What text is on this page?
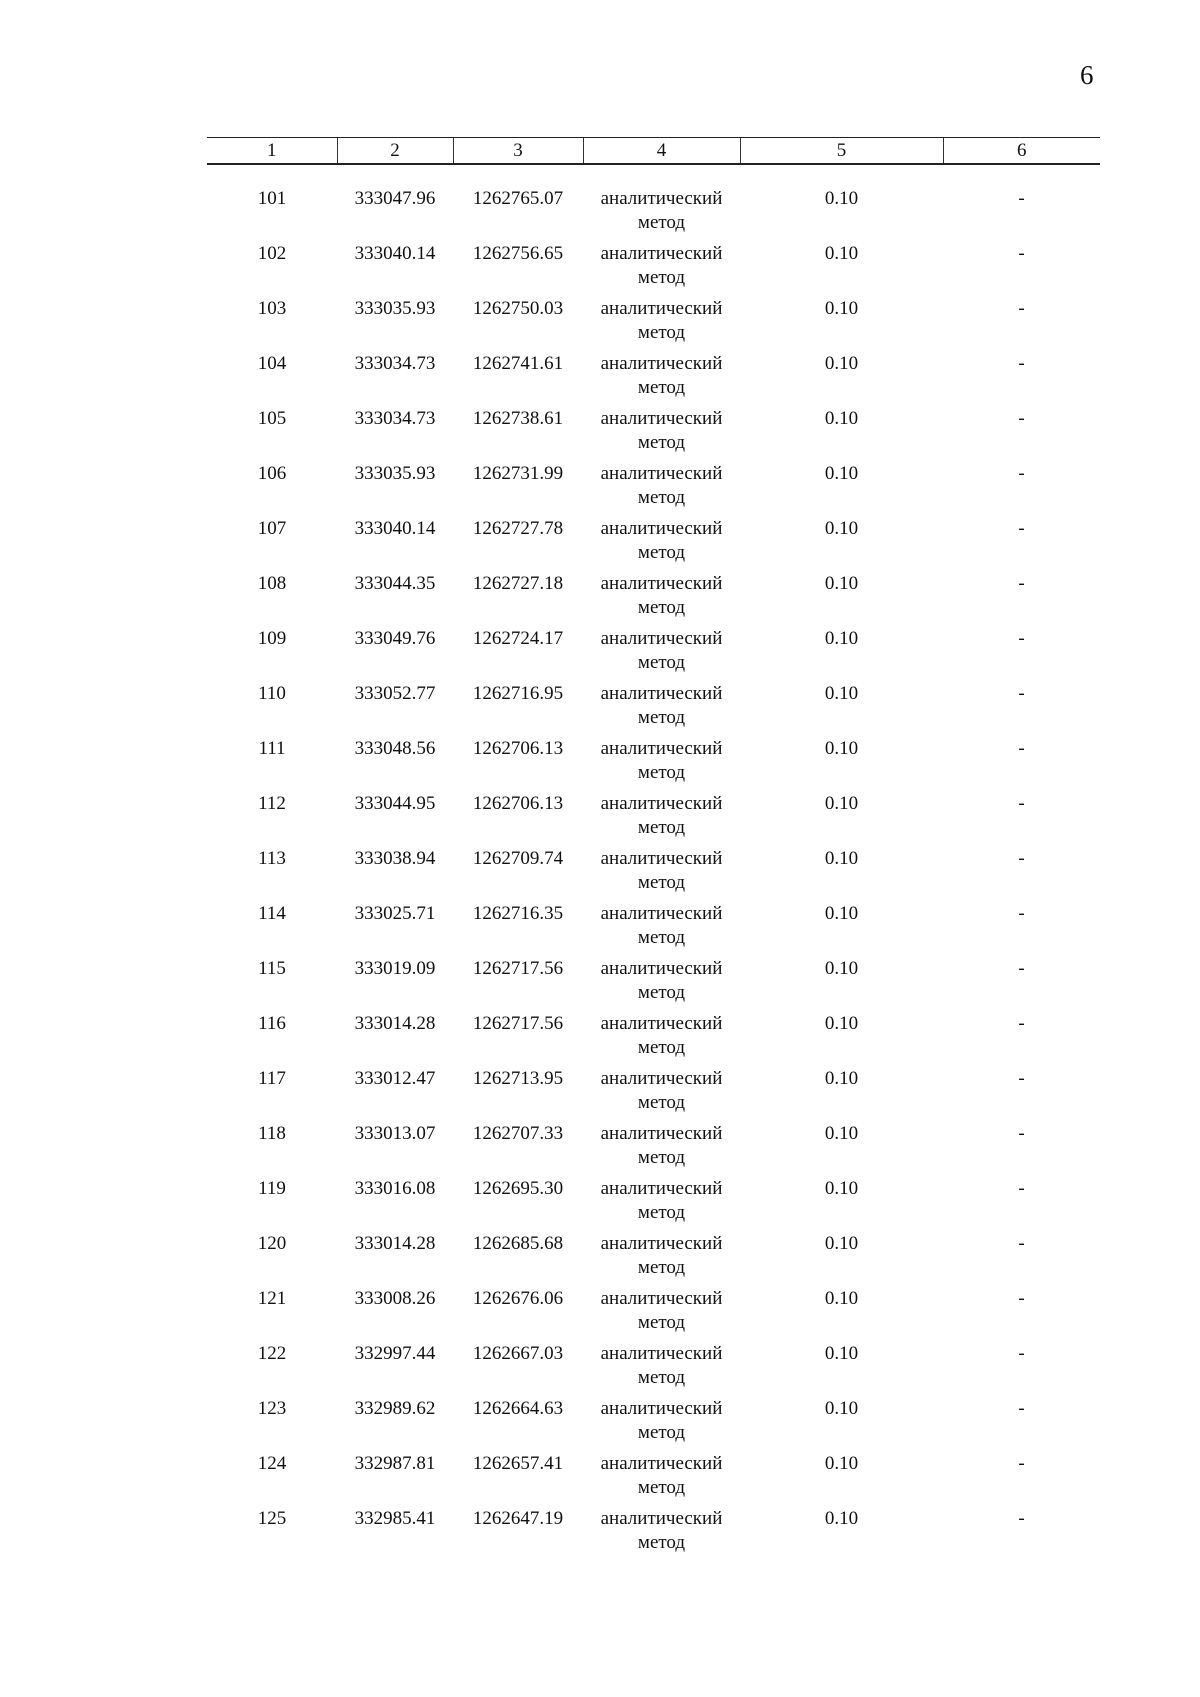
6
1	2	3	4	5	6

101	333047.96	1262765.07	аналитический
метод	0.10	-
102	333040.14	1262756.65	аналитический
метод	0.10	-
103	333035.93	1262750.03	аналитический
метод	0.10	-
104	333034.73	1262741.61	аналитический
метод	0.10	-
105	333034.73	1262738.61	аналитический
метод	0.10	-
106	333035.93	1262731.99	аналитический
метод	0.10	-
107	333040.14	1262727.78	аналитический
метод	0.10	-
108	333044.35	1262727.18	аналитический
метод	0.10	-
109	333049.76	1262724.17	аналитический
метод	0.10	-
110	333052.77	1262716.95	аналитический
метод	0.10	-
111	333048.56	1262706.13	аналитический
метод	0.10	-
112	333044.95	1262706.13	аналитический
метод	0.10	-
113	333038.94	1262709.74	аналитический
метод	0.10	-
114	333025.71	1262716.35	аналитический
метод	0.10	-
115	333019.09	1262717.56	аналитический
метод	0.10	-
116	333014.28	1262717.56	аналитический
метод	0.10	-
117	333012.47	1262713.95	аналитический
метод	0.10	-
118	333013.07	1262707.33	аналитический
метод	0.10	-
119	333016.08	1262695.30	аналитический
метод	0.10	-
120	333014.28	1262685.68	аналитический
метод	0.10	-
121	333008.26	1262676.06	аналитический
метод	0.10	-
122	332997.44	1262667.03	аналитический
метод	0.10	-
123	332989.62	1262664.63	аналитический
метод	0.10	-
124	332987.81	1262657.41	аналитический
метод	0.10	-
125	332985.41	1262647.19	аналитический
метод	0.10	-
